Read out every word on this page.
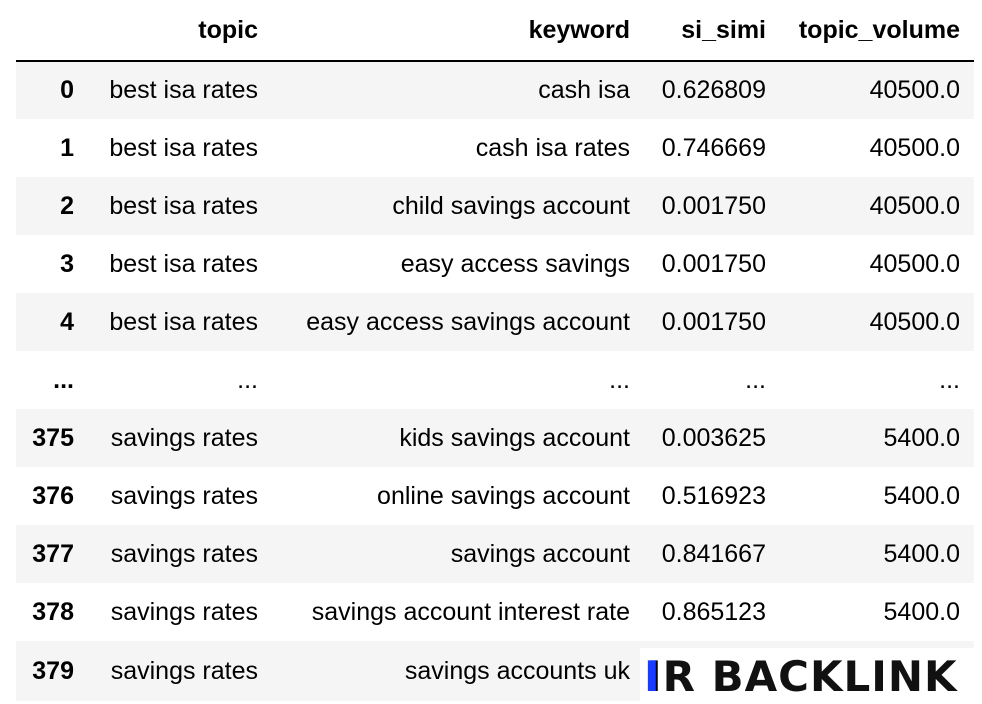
	topic	keyword	si_simi	topic_volume
0	best isa rates	cash isa	0.626809	40500.0
1	best isa rates	cash isa rates	0.746669	40500.0
2	best isa rates	child savings account	0.001750	40500.0
3	best isa rates	easy access savings	0.001750	40500.0
4	best isa rates	easy access savings account	0.001750	40500.0
...	...	...	...	...
375	savings rates	kids savings account	0.003625	5400.0
376	savings rates	online savings account	0.516923	5400.0
377	savings rates	savings account	0.841667	5400.0
378	savings rates	savings account interest rate	0.865123	5400.0
379	savings rates	savings accounts uk		I R BACKLINK
